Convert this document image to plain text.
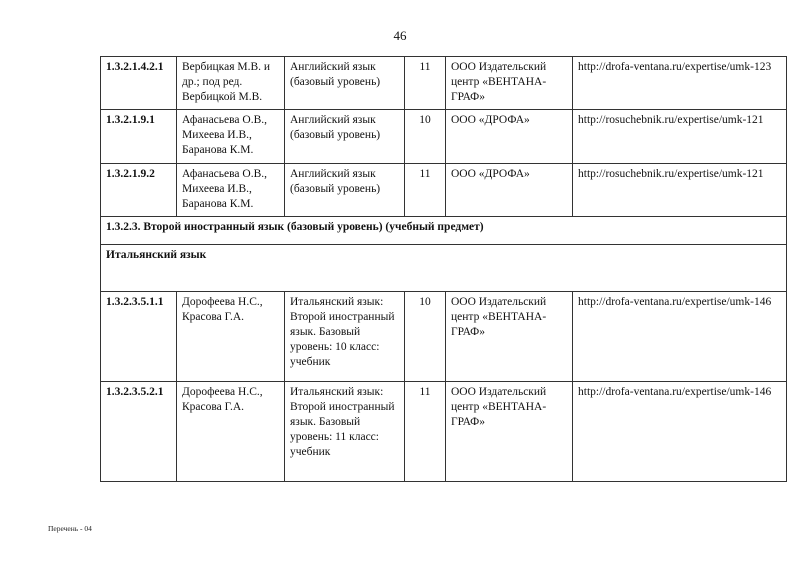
46
1.3.2.1.4.2.1	Вербицкая М.В. и др.; под ред. Вербицкой М.В.	Английский язык (базовый уровень)	11	ООО Издательский центр «ВЕНТАНА-ГРАФ»	http://drofa-ventana.ru/expertise/umk-123
1.3.2.1.9.1	Афанасьева О.В., Михеева И.В., Баранова К.М.	Английский язык (базовый уровень)	10	ООО «ДРОФА»	http://rosuchebnik.ru/expertise/umk-121
1.3.2.1.9.2	Афанасьева О.В., Михеева И.В., Баранова К.М.	Английский язык (базовый уровень)	11	ООО «ДРОФА»	http://rosuchebnik.ru/expertise/umk-121
1.3.2.3. Второй иностранный язык (базовый уровень) (учебный предмет)					
Итальянский язык					
1.3.2.3.5.1.1	Дорофеева Н.С., Красова Г.А.	Итальянский язык: Второй иностранный язык. Базовый уровень: 10 класс: учебник	10	ООО Издательский центр «ВЕНТАНА-ГРАФ»	http://drofa-ventana.ru/expertise/umk-146
1.3.2.3.5.2.1	Дорофеева Н.С., Красова Г.А.	Итальянский язык: Второй иностранный язык. Базовый уровень: 11 класс: учебник	11	ООО Издательский центр «ВЕНТАНА-ГРАФ»	http://drofa-ventana.ru/expertise/umk-146
Перечень - 04
